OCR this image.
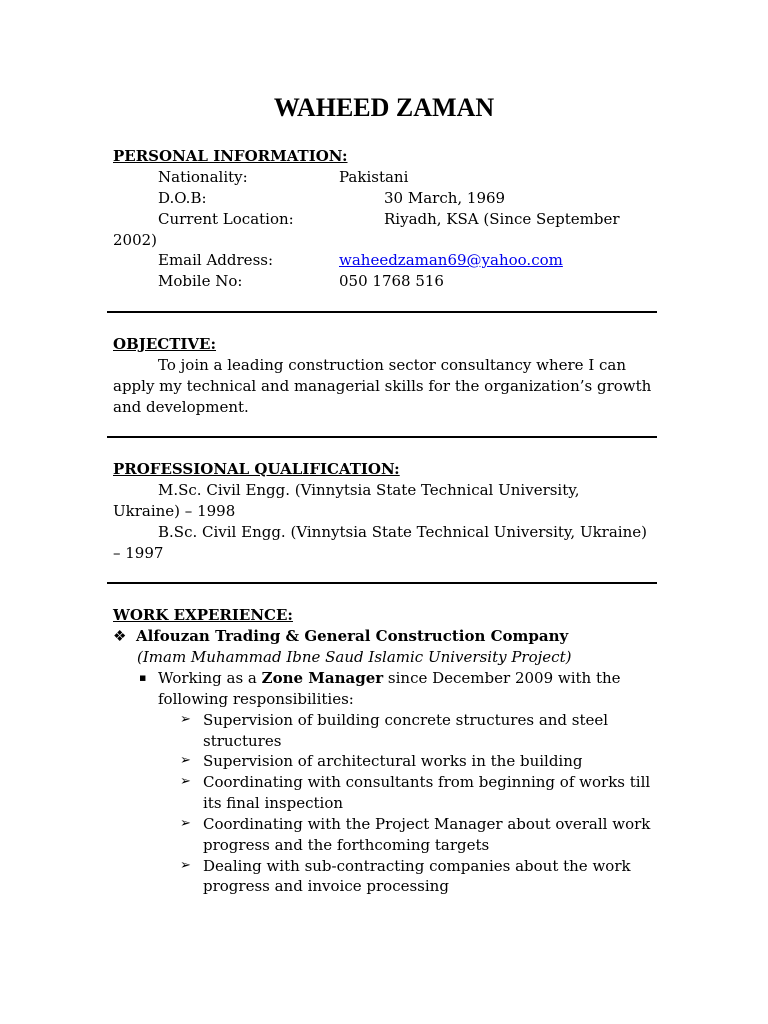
WAHEED ZAMAN
PERSONAL INFORMATION:
Nationality:	Pakistani
D.O.B:	30 March, 1969
Current Location:	Riyadh, KSA (Since September
2002)
Email Address:	waheedzaman69@yahoo.com
Mobile No:	050 1768 516
OBJECTIVE:
To join a leading construction sector consultancy where I can
apply my technical and managerial skills for the organization’s growth
and development.
PROFESSIONAL QUALIFICATION:
M.Sc. Civil Engg. (Vinnytsia State Technical University,
Ukraine) – 1998
B.Sc. Civil Engg. (Vinnytsia State Technical University, Ukraine)
– 1997
WORK EXPERIENCE:
❖ Alfouzan Trading & General Construction Company
(Imam Muhammad Ibne Saud Islamic University Project)
▪ Working as a Zone Manager since December 2009 with the
following responsibilities:
➢ Supervision of building concrete structures and steel
structures
➢ Supervision of architectural works in the building
➢ Coordinating with consultants from beginning of works till
its final inspection
➢ Coordinating with the Project Manager about overall work
progress and the forthcoming targets
➢ Dealing with sub-contracting companies about the work
progress and invoice processing
